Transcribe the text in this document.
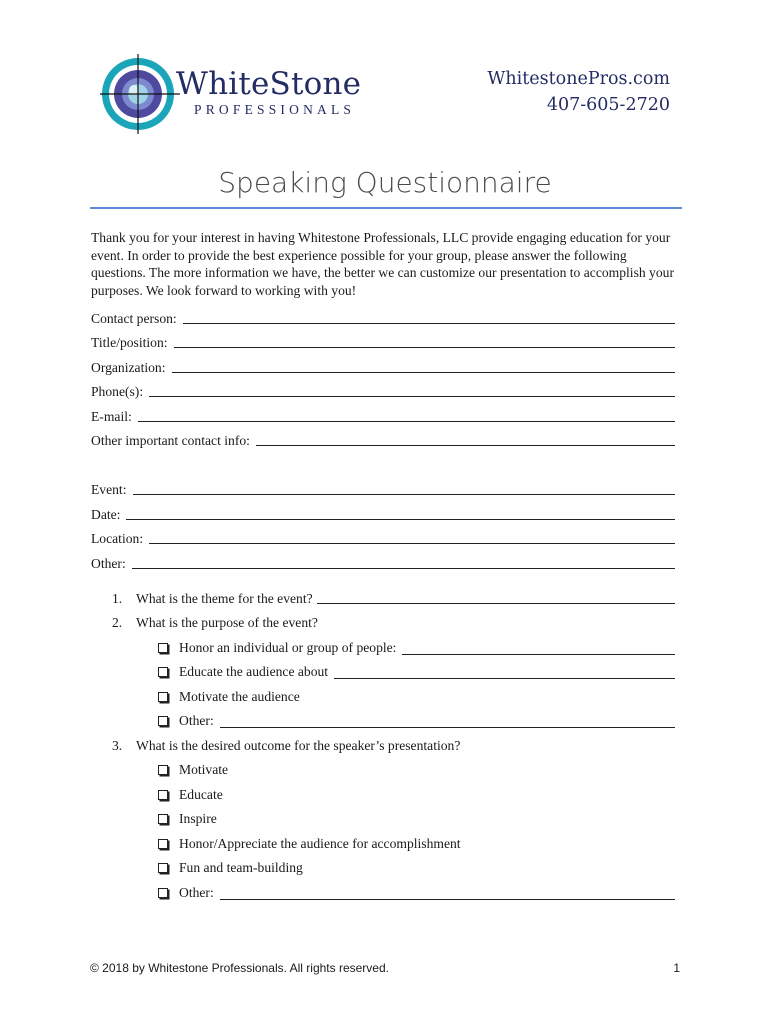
WhiteStone
PROFESSIONALS
WhitestonePros.com
407-605-2720
Speaking Questionnaire
Thank you for your interest in having Whitestone Professionals, LLC provide engaging education for your event. In order to provide the best experience possible for your group, please answer the following questions. The more information we have, the better we can customize our presentation to accomplish your purposes. We look forward to working with you!
Contact person:
Title/position:
Organization:
Phone(s):
E-mail:
Other important contact info:
Event:
Date:
Location:
Other:
1.	What is the theme for the event?
2.	What is the purpose of the event?
Honor an individual or group of people:
Educate the audience about
Motivate the audience
Other:
3.	What is the desired outcome for the speaker’s presentation?
Motivate
Educate
Inspire
Honor/Appreciate the audience for accomplishment
Fun and team-building
Other:
© 2018 by Whitestone Professionals. All rights reserved.	1
